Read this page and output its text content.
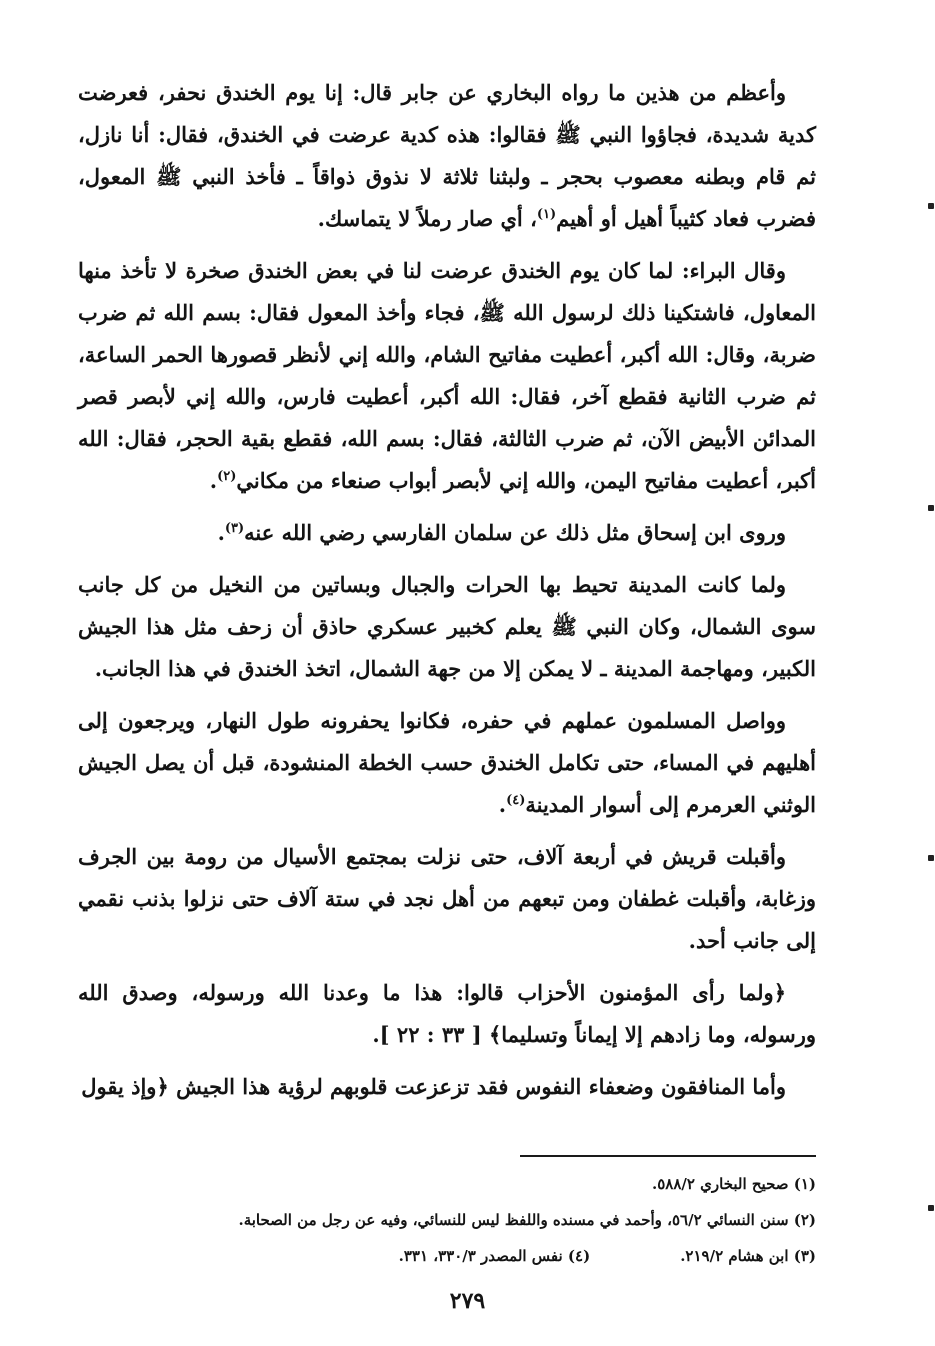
وأعظم من هذين ما رواه البخاري عن جابر قال: إنا يوم الخندق نحفر، فعرضت كدية شديدة، فجاؤوا النبي ﷺ فقالوا: هذه كدية عرضت في الخندق، فقال: أنا نازل، ثم قام وبطنه معصوب بحجر ـ ولبثنا ثلاثة لا نذوق ذواقاً ـ فأخذ النبي ﷺ المعول، فضرب فعاد كثيباً أهيل أو أهيم$^{(١)}$، أي صار رملاً لا يتماسك.

وقال البراء: لما كان يوم الخندق عرضت لنا في بعض الخندق صخرة لا تأخذ منها المعاول، فاشتكينا ذلك لرسول الله ﷺ، فجاء وأخذ المعول فقال: بسم الله ثم ضرب ضربة، وقال: الله أكبر، أعطيت مفاتيح الشام، والله إني لأنظر قصورها الحمر الساعة، ثم ضرب الثانية فقطع آخر، فقال: الله أكبر، أعطيت فارس، والله إني لأبصر قصر المدائن الأبيض الآن، ثم ضرب الثالثة، فقال: بسم الله، فقطع بقية الحجر، فقال: الله أكبر، أعطيت مفاتيح اليمن، والله إني لأبصر أبواب صنعاء من مكاني$^{(٢)}$.

وروى ابن إسحاق مثل ذلك عن سلمان الفارسي رضي الله عنه$^{(٣)}$.

ولما كانت المدينة تحيط بها الحرات والجبال وبساتين من النخيل من كل جانب سوى الشمال، وكان النبي ﷺ يعلم كخبير عسكري حاذق أن زحف مثل هذا الجيش الكبير، ومهاجمة المدينة ـ لا يمكن إلا من جهة الشمال، اتخذ الخندق في هذا الجانب.

وواصل المسلمون عملهم في حفره، فكانوا يحفرونه طول النهار، ويرجعون إلى أهليهم في المساء، حتى تكامل الخندق حسب الخطة المنشودة، قبل أن يصل الجيش الوثني العرمرم إلى أسوار المدينة$^{(٤)}$.

وأقبلت قريش في أربعة آلاف، حتى نزلت بمجتمع الأسيال من رومة بين الجرف وزغابة، وأقبلت غطفان ومن تبعهم من أهل نجد في ستة آلاف حتى نزلوا بذنب نقمي إلى جانب أحد.

﴿ولما رأى المؤمنون الأحزاب قالوا: هذا ما وعدنا الله ورسوله، وصدق الله ورسوله، وما زادهم إلا إيماناً وتسليما﴾ [ ٣٣ : ٢٢ ].

وأما المنافقون وضعفاء النفوس فقد تزعزعت قلوبهم لرؤية هذا الجيش ﴿وإذ يقول

(١) صحيح البخاري ٥٨٨/٢.
(٢) سنن النسائي ٥٦/٢، وأحمد في مسنده واللفظ ليس للنسائي، وفيه عن رجل من الصحابة.
(٣) ابن هشام ٢١٩/٢.(٤) نفس المصدر ٣٣٠/٣، ٣٣١.
٢٧٩
